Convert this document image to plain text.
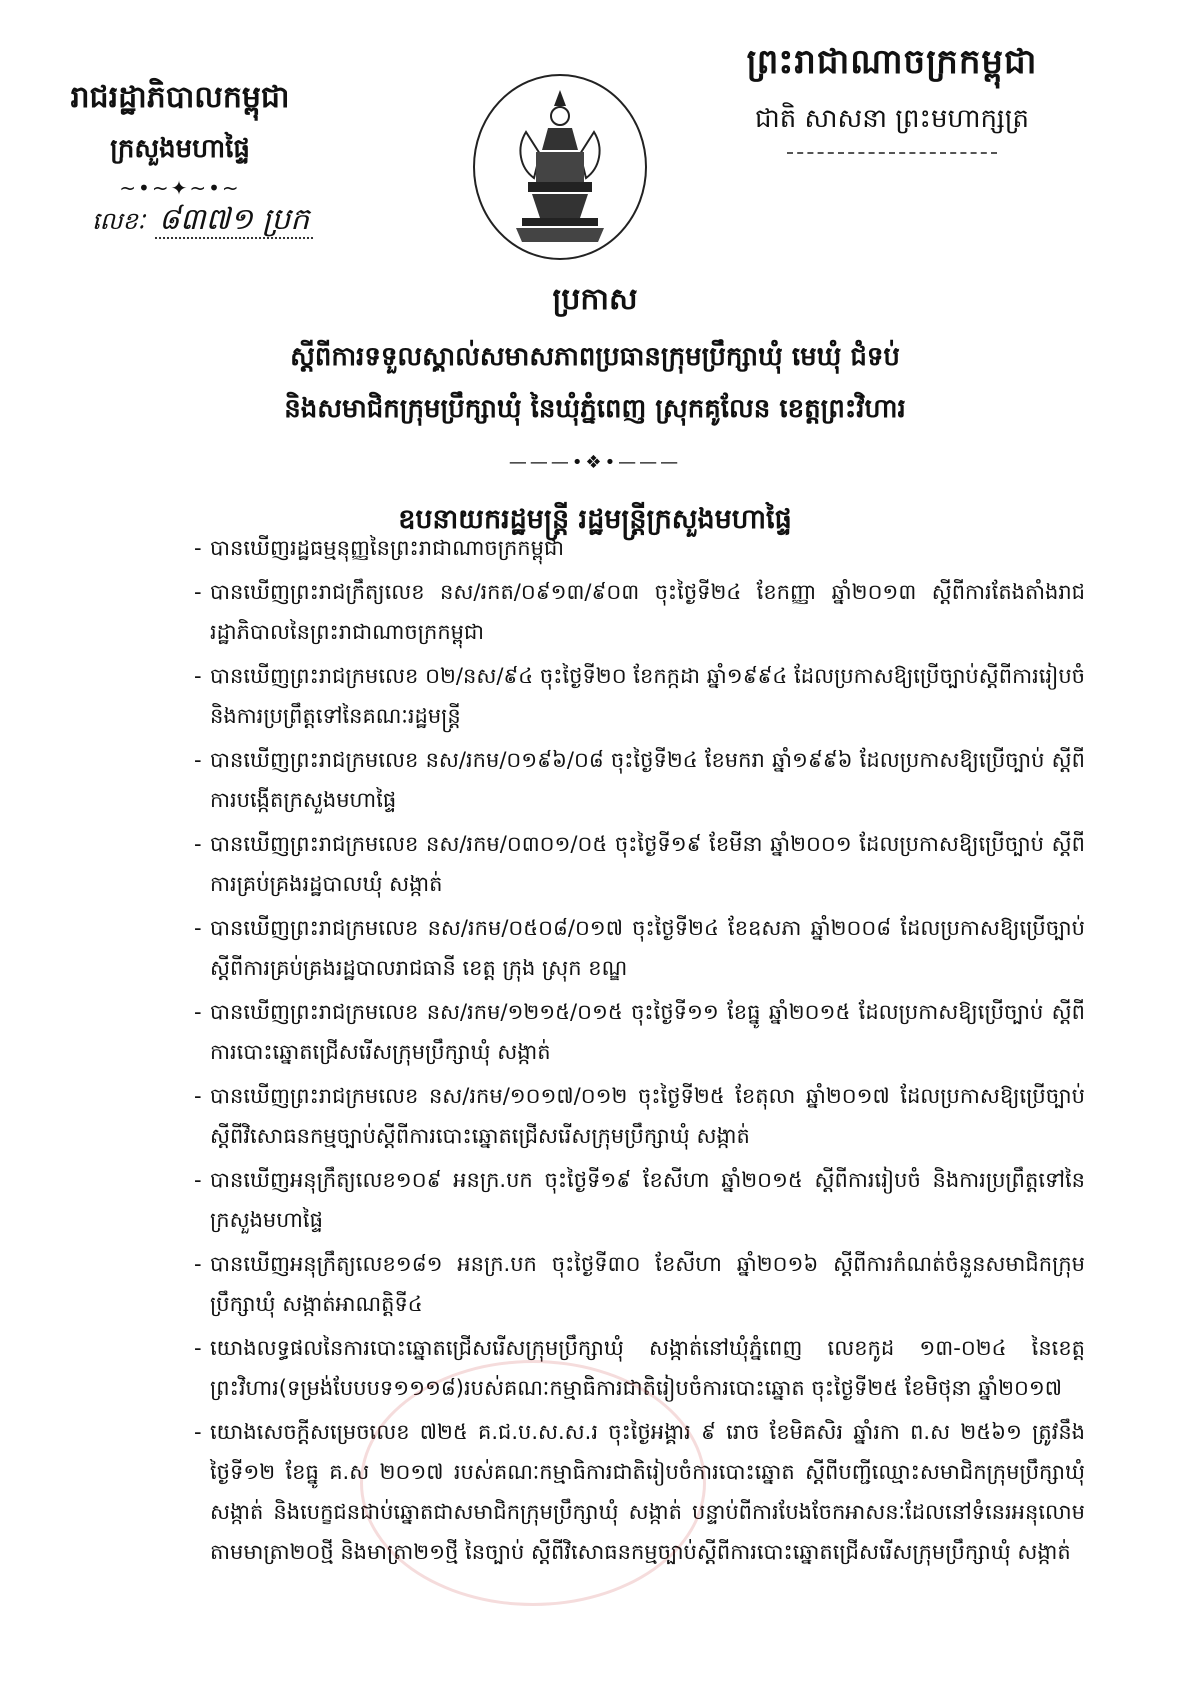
ព្រះរាជាណាចក្រកម្ពុជា
ជាតិ សាសនា ព្រះមហាក្សត្រ
រាជរដ្ឋាភិបាលកម្ពុជា
ក្រសួងមហាផ្ទៃ
~•~✦~•~
លេខៈ ៨៣៧១ ប្រក
ប្រកាស
ស្តីពីការទទួលស្គាល់សមាសភាពប្រធានក្រុមប្រឹក្សាឃុំ មេឃុំ ជំទប់
និងសមាជិកក្រុមប្រឹក្សាឃុំ នៃឃុំភ្នំពេញ ស្រុកគូលែន ខេត្តព្រះវិហារ
———•❖•———
ឧបនាយករដ្ឋមន្ត្រី រដ្ឋមន្ត្រីក្រសួងមហាផ្ទៃ
- បានឃើញរដ្ឋធម្មនុញ្ញនៃព្រះរាជាណាចក្រកម្ពុជា
- បានឃើញព្រះរាជក្រឹត្យលេខ នស/រកត/០៩១៣/៩០៣ ចុះថ្ងៃទី២៤ ខែកញ្ញា ឆ្នាំ២០១៣ ស្តីពីការតែងតាំងរាជរដ្ឋាភិបាលនៃព្រះរាជាណាចក្រកម្ពុជា
- បានឃើញព្រះរាជក្រមលេខ ០២/នស/៩៤ ចុះថ្ងៃទី២០ ខែកក្កដា ឆ្នាំ១៩៩៤ ដែលប្រកាសឱ្យប្រើច្បាប់ស្តីពីការរៀបចំ និងការប្រព្រឹត្តទៅនៃគណៈរដ្ឋមន្ត្រី
- បានឃើញព្រះរាជក្រមលេខ នស/រកម/០១៩៦/០៨ ចុះថ្ងៃទី២៤ ខែមករា ឆ្នាំ១៩៩៦ ដែលប្រកាសឱ្យប្រើច្បាប់ ស្តីពីការបង្កើតក្រសួងមហាផ្ទៃ
- បានឃើញព្រះរាជក្រមលេខ នស/រកម/០៣០១/០៥ ចុះថ្ងៃទី១៩ ខែមីនា ឆ្នាំ២០០១ ដែលប្រកាសឱ្យប្រើច្បាប់ ស្តីពីការគ្រប់គ្រងរដ្ឋបាលឃុំ សង្កាត់
- បានឃើញព្រះរាជក្រមលេខ នស/រកម/០៥០៨/០១៧ ចុះថ្ងៃទី២៤ ខែឧសភា ឆ្នាំ២០០៨ ដែលប្រកាសឱ្យប្រើច្បាប់ ស្តីពីការគ្រប់គ្រងរដ្ឋបាលរាជធានី ខេត្ត ក្រុង ស្រុក ខណ្ឌ
- បានឃើញព្រះរាជក្រមលេខ នស/រកម/១២១៥/០១៥ ចុះថ្ងៃទី១១ ខែធ្នូ ឆ្នាំ២០១៥ ដែលប្រកាសឱ្យប្រើច្បាប់ ស្តីពីការបោះឆ្នោតជ្រើសរើសក្រុមប្រឹក្សាឃុំ សង្កាត់
- បានឃើញព្រះរាជក្រមលេខ នស/រកម/១០១៧/០១២ ចុះថ្ងៃទី២៥ ខែតុលា ឆ្នាំ២០១៧ ដែលប្រកាសឱ្យប្រើច្បាប់ ស្តីពីវិសោធនកម្មច្បាប់ស្តីពីការបោះឆ្នោតជ្រើសរើសក្រុមប្រឹក្សាឃុំ សង្កាត់
- បានឃើញអនុក្រឹត្យលេខ១០៩ អនក្រ.បក ចុះថ្ងៃទី១៩ ខែសីហា ឆ្នាំ២០១៥ ស្តីពីការរៀបចំ និងការប្រព្រឹត្តទៅនៃក្រសួងមហាផ្ទៃ
- បានឃើញអនុក្រឹត្យលេខ១៨១ អនក្រ.បក ចុះថ្ងៃទី៣០ ខែសីហា ឆ្នាំ២០១៦ ស្តីពីការកំណត់ចំនួនសមាជិកក្រុមប្រឹក្សាឃុំ សង្កាត់អាណត្តិទី៤
- យោងលទ្ធផលនៃការបោះឆ្នោតជ្រើសរើសក្រុមប្រឹក្សាឃុំ សង្កាត់នៅឃុំភ្នំពេញ លេខកូដ ១៣-០២៤ នៃខេត្តព្រះវិហារ(ទម្រង់បែបបទ១១១៨)របស់គណៈកម្មាធិការជាតិរៀបចំការបោះឆ្នោត ចុះថ្ងៃទី២៥ ខែមិថុនា ឆ្នាំ២០១៧
- យោងសេចក្តីសម្រេចលេខ ៧២៥ គ.ជ.ប.ស.ស.រ ចុះថ្ងៃអង្គារ ៩ រោច ខែមិគសិរ ឆ្នាំរកា ព.ស ២៥៦១ ត្រូវនឹងថ្ងៃទី១២ ខែធ្នូ គ.ស ២០១៧ របស់គណៈកម្មាធិការជាតិរៀបចំការបោះឆ្នោត ស្តីពីបញ្ជីឈ្មោះសមាជិកក្រុមប្រឹក្សាឃុំ សង្កាត់ និងបេក្ខជនជាប់ឆ្នោតជាសមាជិកក្រុមប្រឹក្សាឃុំ សង្កាត់ បន្ទាប់ពីការបែងចែកអាសនៈដែលនៅទំនេរអនុលោមតាមមាត្រា២០ថ្មី និងមាត្រា២១ថ្មី នៃច្បាប់ ស្តីពីវិសោធនកម្មច្បាប់ស្តីពីការបោះឆ្នោតជ្រើសរើសក្រុមប្រឹក្សាឃុំ សង្កាត់
